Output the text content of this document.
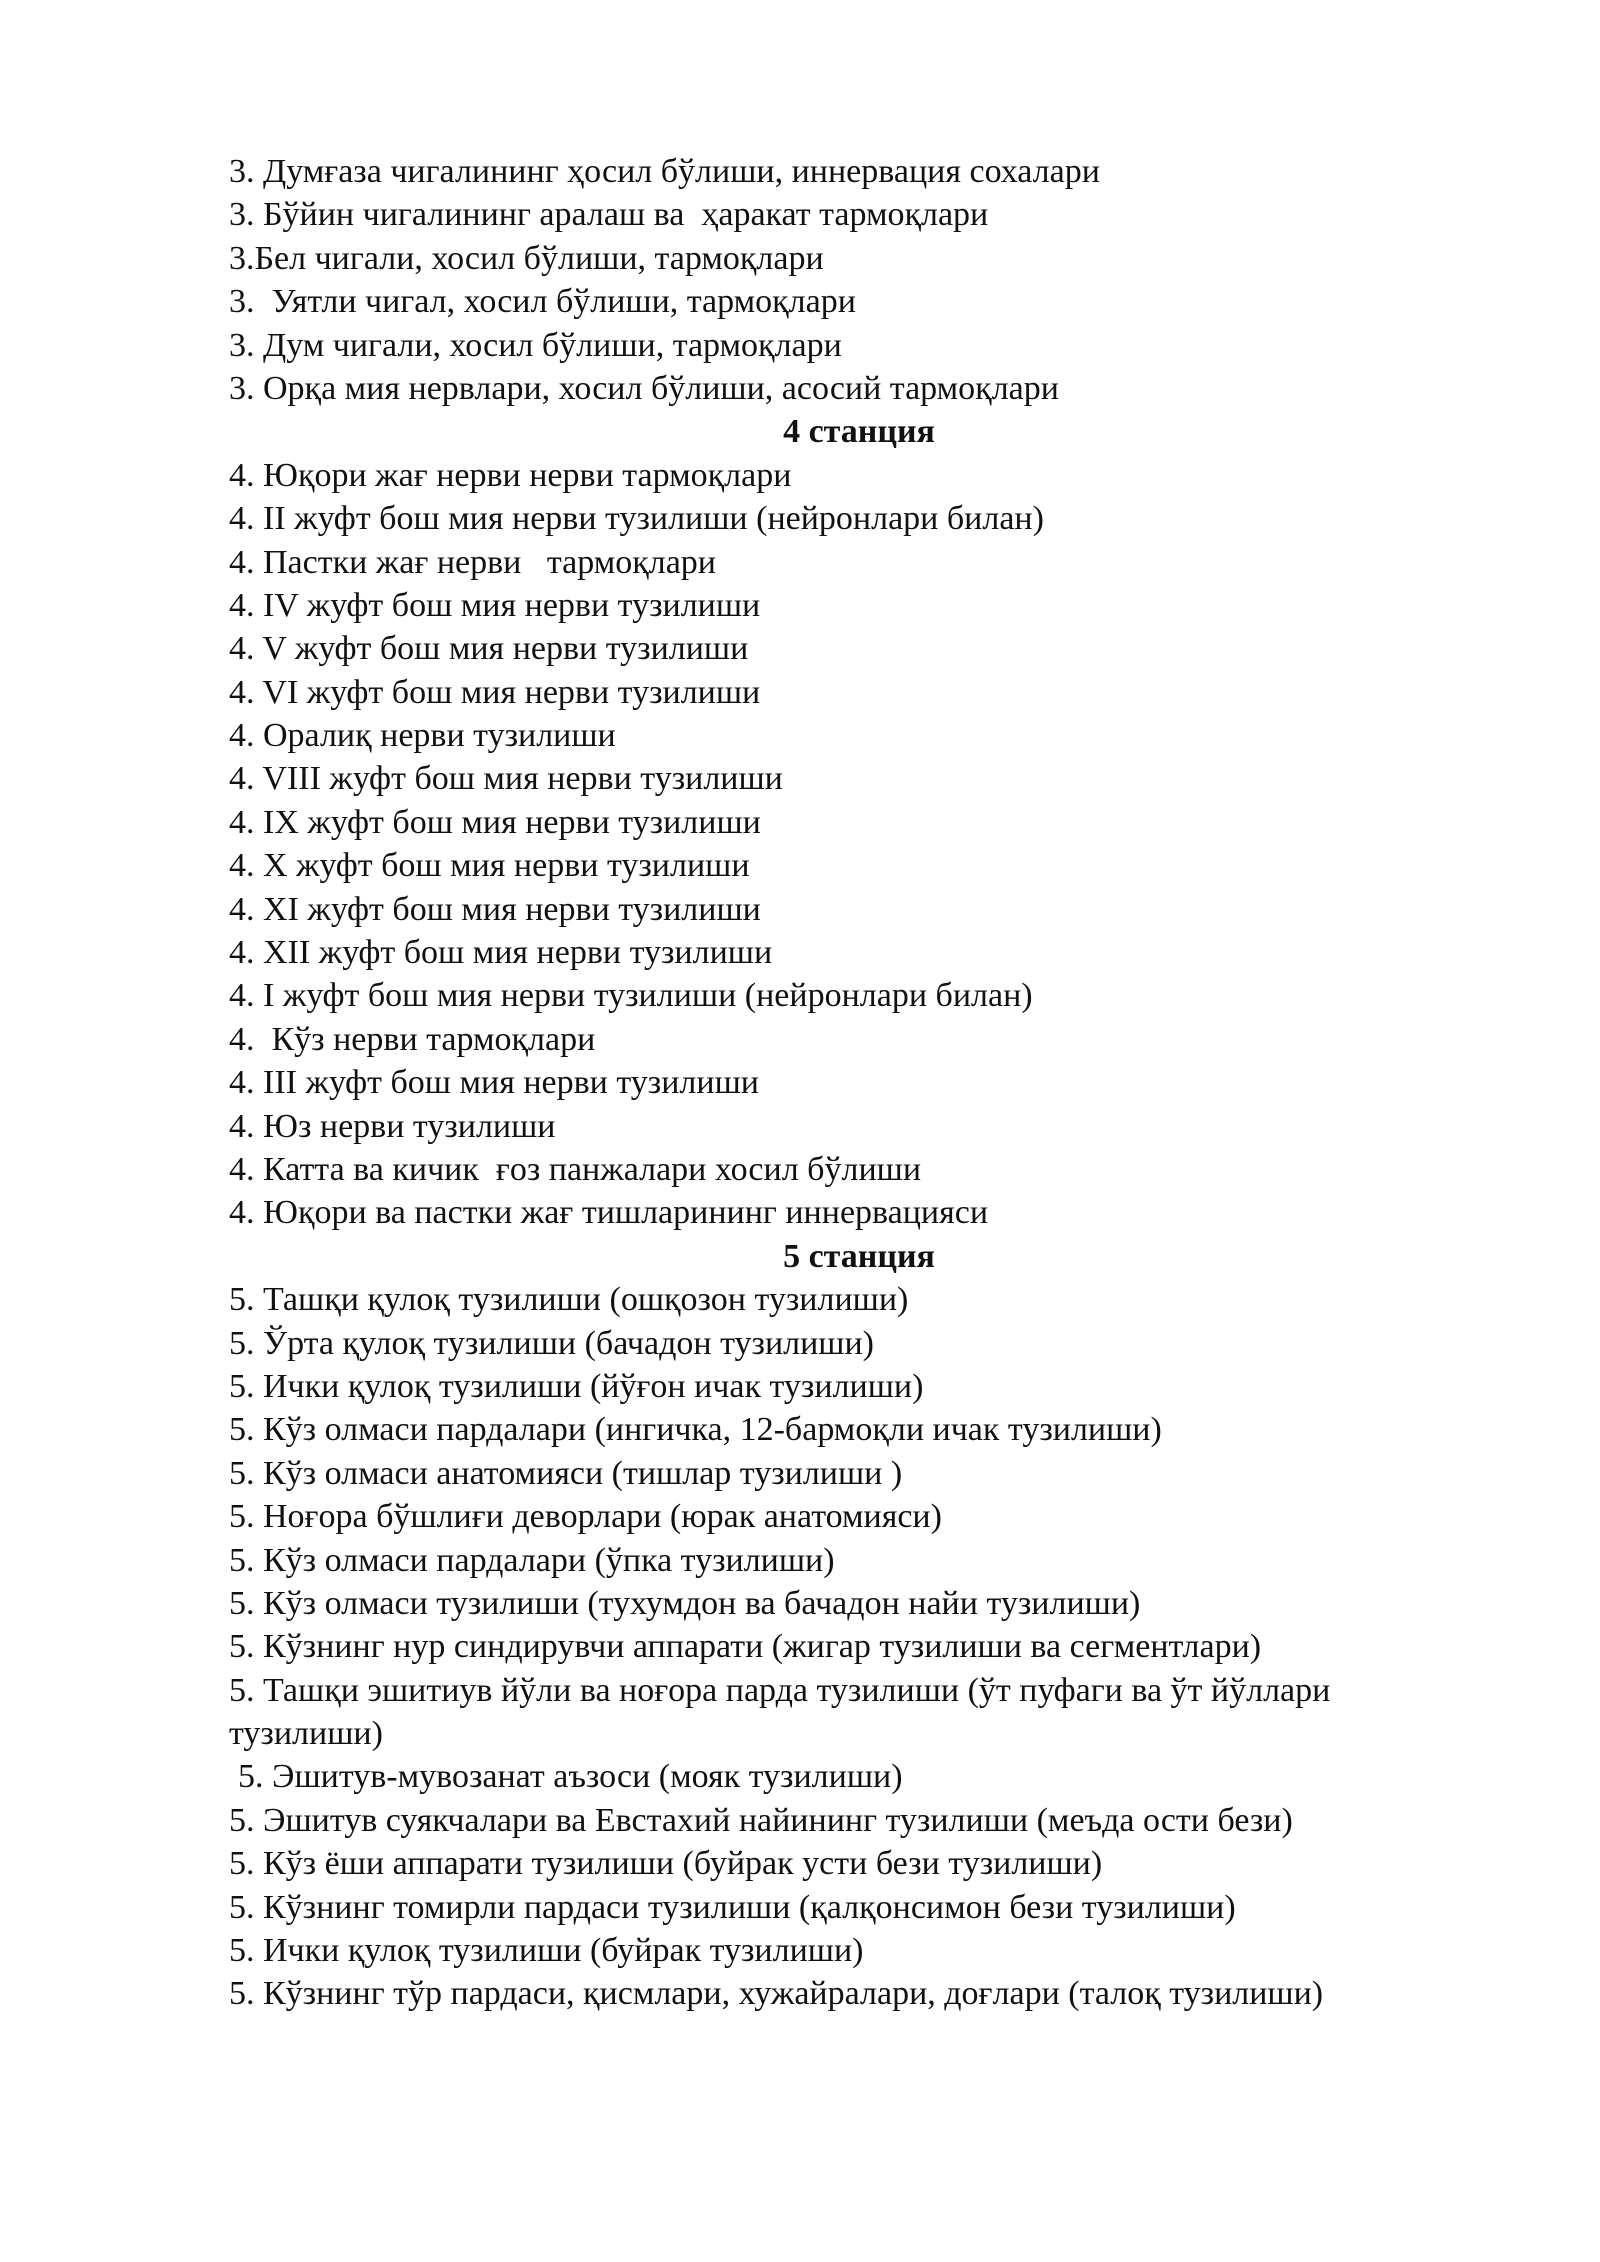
3. Думғаза чигалининг ҳосил бўлиши, иннервация сохалари
3. Бўйин чигалининг аралаш ва  ҳаракат тармоқлари
3.Бел чигали, хосил бўлиши, тармоқлари
3.  Уятли чигал, хосил бўлиши, тармоқлари
3. Дум чигали, хосил бўлиши, тармоқлари
3. Орқа мия нервлари, хосил бўлиши, асосий тармоқлари
4 станция
4. Юқори жағ нерви нерви тармоқлари
4. II жуфт бош мия нерви тузилиши (нейронлари билан)
4. Пастки жағ нерви   тармоқлари
4. IV жуфт бош мия нерви тузилиши
4. V жуфт бош мия нерви тузилиши
4. VI жуфт бош мия нерви тузилиши
4. Оралиқ нерви тузилиши
4. VIII жуфт бош мия нерви тузилиши
4. IX жуфт бош мия нерви тузилиши
4. X жуфт бош мия нерви тузилиши
4. XI жуфт бош мия нерви тузилиши
4. XII жуфт бош мия нерви тузилиши
4. I жуфт бош мия нерви тузилиши (нейронлари билан)
4.  Кўз нерви тармоқлари
4. III жуфт бош мия нерви тузилиши
4. Юз нерви тузилиши
4. Катта ва кичик  ғоз панжалари хосил бўлиши
4. Юқори ва пастки жағ тишларининг иннервацияси
5 станция
5. Ташқи қулоқ тузилиши (ошқозон тузилиши)
5. Ўрта қулоқ тузилиши (бачадон тузилиши)
5. Ички қулоқ тузилиши (йўғон ичак тузилиши)
5. Кўз олмаси пардалари (ингичка, 12-бармоқли ичак тузилиши)
5. Кўз олмаси анатомияси (тишлар тузилиши )
5. Ноғора бўшлиғи деворлари (юрак анатомияси)
5. Кўз олмаси пардалари (ўпка тузилиши)
5. Кўз олмаси тузилиши (тухумдон ва бачадон найи тузилиши)
5. Кўзнинг нур синдирувчи аппарати (жигар тузилиши ва сегментлари)
5. Ташқи эшитиув йўли ва ноғора парда тузилиши (ўт пуфаги ва ўт йўллари тузилиши)
5. Эшитув-мувозанат аъзоси (мояк тузилиши)
5. Эшитув суякчалари ва Евстахий найининг тузилиши (меъда ости бези)
5. Кўз ёши аппарати тузилиши (буйрак усти бези тузилиши)
5. Кўзнинг томирли пардаси тузилиши (қалқонсимон бези тузилиши)
5. Ички қулоқ тузилиши (буйрак тузилиши)
5. Кўзнинг тўр пардаси, қисмлари, хужайралари, доғлари (талоқ тузилиши)
